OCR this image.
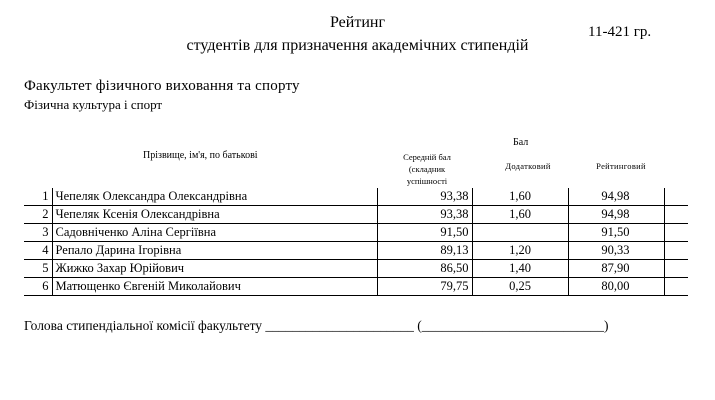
Рейтинг
студентів для призначення академічних стипендій
11-421 гр.
Факультет фізичного виховання та спорту
Фізична культура і спорт
Прізвище, ім'я, по батькові
Бал
Середній бал
(складник
успішності
Додатковий	Рейтинговий
1	Чепеляк Олександра Олександрівна	93,38	1,60	94,98	
2	Чепеляк Ксенія Олександрівна	93,38	1,60	94,98	
3	Садовніченко Аліна Сергіївна	91,50		91,50	
4	Репало Дарина Ігорівна	89,13	1,20	90,33	
5	Жижко Захар Юрійович	86,50	1,40	87,90	
6	Матющенко Євгеній Миколайович	79,75	0,25	80,00	
Голова стипендіальної комісії факультету ______________________ (___________________________)
